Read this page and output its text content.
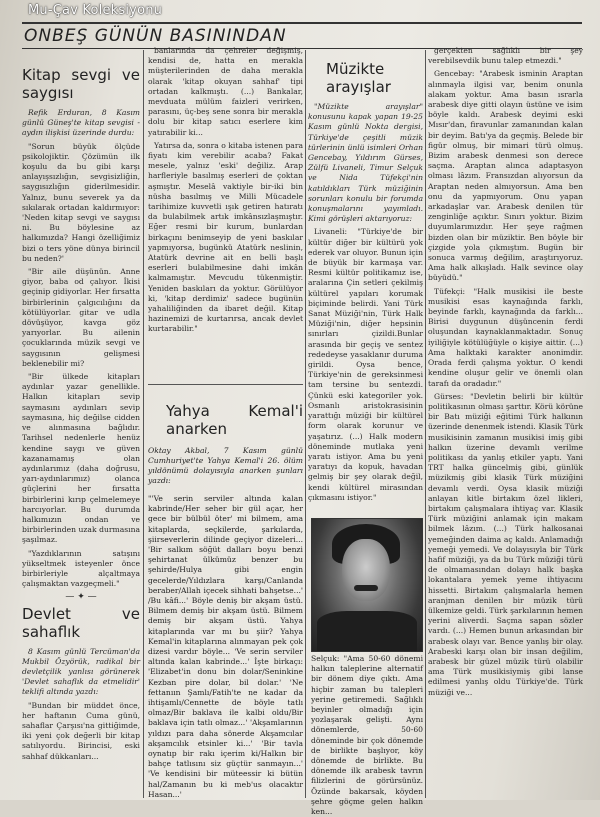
Mu-Çav Koleksiyonu
ONBEŞ GÜNÜN BASININDAN
Kitap sevgi ve saygısı

Refik Erduran, 8 Kasım günlü Güneş'te kitap sevgisi - aydın ilişkisi üzerinde durdu:

"Sorun büyük ölçüde psikolojiktir. Çözümün ilk koşulu da bu gibi karşı anlayışsızlığın, sevgisizliğin, saygısızlığın giderilmesidir. Yalnız, bunu severek ya da sıkılarak ortadan kaldırmıyor: 'Neden kitap sevgi ve saygısı ni. Bu böylesine az halkımızda? Hangi özelliğimiz bizi o ters yöne dünya birincil bu neden?'

"Bir aile düşünün. Anne giyor, baba od çalıyor. İkisi geçinip gidiyorlar. Her fırsatta birbirlerinin çalgıcılığını da kötülüyorlar. gitar ve udla dövüşüyor, kavga göz yarıyorlar. Bu ailenin çocuklarında müzik sevgi ve saygısının gelişmesi beklenebilir mi?

"Bir ülkede kitapları aydınlar yazar genellikle. Halkın kitapları sevip saymasını aydınları sevip saymasına, hiç değilse cidden ve alınmasına bağlıdır. Tarihsel nedenlerle henüz kendine saygı ve güven kazanamamış olan aydınlarımız (daha doğrusu, yarı-aydınlarımız) olanca güçlerini her fırsatta birbirlerini kırıp çelmelemeye harcıyorlar. Bu durumda halkımızın ondan ve birbirlerinden uzak durmasına şaşılmaz.

"Yazdıklarının satışını yükseltmek isteyenler önce birbirleriyle alçaltmaya çalışmaktan vazgeçmeli."

— ✦ —
Devlet ve sahaflık

8 Kasım günlü Tercüman'da Mukbil Özyörük, radikal bir devletçilik yanlısı görünerek 'Devlet sahaflık da etmelidir' teklifi altında yazdı:

"Bundan bir müddet önce, her haftanın Cuma günü, sahaflar Çarşısı'na gittiğimde, iki yeni çok değerli bir kitap satılıyordu. Birincisi, eski sahhaf dükkanları...

banlarında da çehreler değişmiş, kendisi de, hatta en merakla müşterilerinden de daha merakla olarak 'kitap okuyan sahhaf' tipi ortadan kalkmıştı. (...) Bankalar, mevduata mülüm faizleri verirken, parasını, üç-beş sene sonra bir merakla dolu bir kitap satıcı eserlere kim yatırabilir ki...

Yatırsa da, sonra o kitaba istenen para fiyatı kim verebilir acaba? Fakat mesele, yalnız 'eski' değiliz. Arap harfleriyle basılmış eserleri de çoktan aşmıştır. Meselâ vaktiyle bir-iki bin nüsha basılmış ve Milli Mücadele tarihimize kuvvetli ışık getiren hatıratı da bulabilmek artık imkânsızlaşmıştır. Eğer resmi bir kurum, bunlardan birkaçını benimseyip de yeni baskılar yapmıyorsa, bugünkü Atatürk neslinin, Atatürk devrine ait en belli başlı eserleri bulabilmesine dahi imkân kalmamıştır. Mevcudu tükenmiştir. Yeniden baskıları da yoktur. Görülüyor ki, 'kitap derdimiz' sadece bugünün yahaliliğinden da ibaret değil. Kitap hazinemizi de kurtarırsa, ancak devlet kurtarabilir."

Yahya Kemal'i anarken

Oktay Akbal, 7 Kasım günlü Cumhuriyet'te Yahya Kemal'i 26. ölüm yıldönümü dolayısıyla anarken şunları yazdı:

"'Ve serin serviler altında kalan kabrinde/Her seher bir gül açar, her gece bir bülbül öter' mi bilmem, ama kitaplarda, seçkilerde, şarkılarda, şiirseverlerin dilinde geçiyor dizeleri... 'Bir salkım söğüt dalları boyu benzi şehirtanat ülkümüz benzer bu şehirde/Hulya gibi engin gecelerde/Yıldızlara karşı/Canlanda beraber/Allah içecek sihhati bahşetse...' /Bu kâfi...' Böyle deniş bir akşam üstü. Bilmem demiş bir akşam üstü. Bilmem demiş bir akşam üstü. Yahya kitaplarında var mı bu şiir? Yahya Kemal'in kitaplarına alınmayan pek çok dizesi vardır böyle... 'Ve serin serviler altında kalan kabrinde...' İşte birkaçı: 'Elizabet'in donu bin dolar/Seninkine Kezban pire dolar, bil dolar.' 'Ne fettanıın Şamlı/Fatih'te ne kadar da ihtişamlı/Cennette de böyle tatlı olmaz/Bir baklava ile kalbi oldu/Bir baklava için tatlı olmaz...' 'Akşamlarının yıldızı para daha sönerde Akşamcılar akşamcılık etsinler ki...' 'Bir tavla oynatıp bir rakı içerim ki/Halkın bir bahçe tatlısını siz güçtür sanmayın...' 'Ve kendisini bir müteessir ki bütün hal/Zamanın bu ki meb'us olacaktır Hasan...'

Müzikte arayışlar

"Müzikte arayışlar" konusunu kapak yapan 19-25 Kasım günlü Nokta dergisi, Türkiye'de çeşitli müzik türlerinin ünlü isimleri Orhan Gencebay, Yıldırım Gürses, Zülfü Livaneli, Timur Selçuk ve Nida Tüfekçi'nin katıldıkları Türk müziğinin sorunları konulu bir forumda konuşmalarını yayımladı. Kimi görüşleri aktarıyoruz:

Livaneli: "Türkiye'de bir kültür diğer bir kültürü yok ederek var oluyor. Bunun için de büyük bir karmaşa var. Resmi kültür politikamız ise, aralarına Çin setleri çekilmiş kültürel yapıları korumak biçiminde belirdi. Yani Türk Sanat Müziği'nin, Türk Halk Müziği'nin, diğer hepsinin sınırları çizildi.Bunlar arasında bir geçiş ve sentez rededeyse yasaklanır duruma girildi. Oysa bence, Türkiye'nin de gereksinmesi tam tersine bu sentezdi. Çünkü eski kategoriler yok. Osmanlı aristokrasisinin yarattığı müziği bir kültürel form olarak korunur ve yaşatırız. (...) Halk modern döneminde mutlaka yeni yaratı istiyor. Ama bu yeni yaratıyı da kopuk, havadan gelmiş bir şey olarak değil, kendi kültürel mirasından çıkmasını istiyor."

Selçuk: "Ama 50-60 dönemi halkın taleplerine alternatif bir dönem diye çıktı. Ama hiçbir zaman bu talepleri yerine getiremedi. Sağlıklı beyinler olmadığı için yozlaşarak gelişti. Aynı dönemlerde, 50-60 döneminde bir çok dönemde de birlikte başlıyor, köy dönemde de birlikte. Bu dönemde ilk arabesk tavrın filizlerini de görürsünüz. Özünde bakarsak, köyden şehre göçme gelen halkın ken...

gerçekten sağlıklı bir şey verebilsevdik bunu talep etmezdi."

Gencebay: "Arabesk isminin Araptan alınmayla ilgisi var, benim onunla alakam yoktur. Ama basın ısrarla arabesk diye gitti olayın üstüne ve isim böyle kaldı. Arabesk deyimi eski Mısır'dan, firavunlar zamanından kalan bir deyim. Batı'ya da geçmiş. Belede bir figür olmuş, bir mimari türü olmuş. Bizim arabesk denmesi son derece saçma. Araptan alınca adaptasyon olması lâzım. Fransızdan alıyorsun da Araptan neden almıyorsun. Ama ben onu da yapmıyorum. Onu yapan arkadaşlar var. Arabesk denilen tür zenginliğe açıktır. Sınırı yoktur. Bizim duyumlarımızdır. Her şeye rağmen bizden olan bir müziktir. Ben böyle bir çizgide yola çıkmıştım. Bugün bir sonuca varmış değilim, araştırıyoruz. Ama halk alkışladı. Halk sevince olay büyüdü."

Tüfekçi: "Halk musikisi ile beste musikisi esas kaynağında farklı, beyinde farklı, kaynağında da farklı... Birisi duygunun düşüncenin ferdi oluşundan kaynaklanmaktadır. Sonuç iyiliğiyle kötülüğüyle o kişiye aittir. (...) Ama halktaki karakter anonimdir. Orada ferdi çalışma yoktur. O kendi kendine oluşur gelir ve önemli olan tarafı da oradadır."

Gürses: "Devletin belirli bir kültür politikasının olması şarttır. Körü körüne bir Batı müziği eğitimi Türk halkının üzerinde denenmek istendi. Klasik Türk musikisinin zamanın musikisi imiş gibi halkın üzerine devamlı verilme politikası da yanlış etkiler yaptı. Yani TRT halka güncelmiş gibi, günlük müzikmiş gibi klasik Türk müziğini devamlı verdi. Oysa klasik müziği anlayan kitle birtakım özel likleri, birtakım çalışmalara ihtiyaç var. Klasik Türk müziğini anlamak için makam bilmek lâzım. (...) Türk halkosanai yemeğinden daima aç kaldı. Anlamadığı yemeği yemedi. Ve dolayısıyla bir Türk hafif müziği, ya da bu Türk müziği türü de olmamasından dolayı halk başka lokantalara yemek yeme ihtiyacını hissetti. Birtakım çalışmalarla hemen aranjman denilen bir müzik türü ülkemize geldi. Türk şarkılarının hemen yerini aliverdi. Saçma sapan sözler vardı. (...) Hemen bunun arkasından bir arabesk olayı var. Bence yanlış bir olay. Arabeski karşı olan bir insan değilim, arabesk bir güzel müzik türü olabilir ama Türk musikisiymiş gibi lanse edilmesi yanlış oldu Türkiye'de. Türk müziği ve...
